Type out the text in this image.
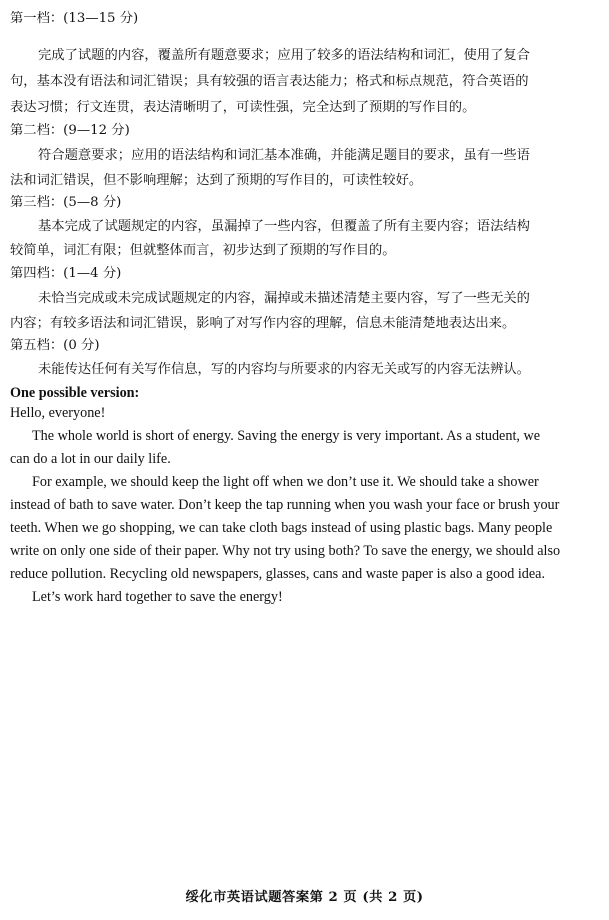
第一档：(13—15 分)
完成了试题的内容，覆盖所有题意要求；应用了较多的语法结构和词汇，使用了复合
句，基本没有语法和词汇错误；具有较强的语言表达能力；格式和标点规范，符合英语的
表达习惯；行文连贯，表达清晰明了，可读性强，完全达到了预期的写作目的。
第二档：(9—12 分)
符合题意要求；应用的语法结构和词汇基本准确，并能满足题目的要求，虽有一些语
法和词汇错误，但不影响理解；达到了预期的写作目的，可读性较好。
第三档：(5—8 分)
基本完成了试题规定的内容，虽漏掉了一些内容，但覆盖了所有主要内容；语法结构
较简单，词汇有限；但就整体而言，初步达到了预期的写作目的。
第四档：(1—4 分)
未恰当完成或未完成试题规定的内容，漏掉或未描述清楚主要内容，写了一些无关的
内容；有较多语法和词汇错误，影响了对写作内容的理解，信息未能清楚地表达出来。
第五档：(0 分)
未能传达任何有关写作信息，写的内容均与所要求的内容无关或写的内容无法辨认。
One possible version:
Hello, everyone!
The whole world is short of energy. Saving the energy is very important. As a student, we
can do a lot in our daily life.
For example, we should keep the light off when we don’t use it. We should take a shower
instead of bath to save water. Don’t keep the tap running when you wash your face or brush your
teeth. When we go shopping, we can take cloth bags instead of using plastic bags. Many people
write on only one side of their paper. Why not try using both? To save the energy, we should also
reduce pollution. Recycling old newspapers, glasses, cans and waste paper is also a good idea.
Let’s work hard together to save the energy!
绥化市英语试题答案第 2 页 (共 2 页)
